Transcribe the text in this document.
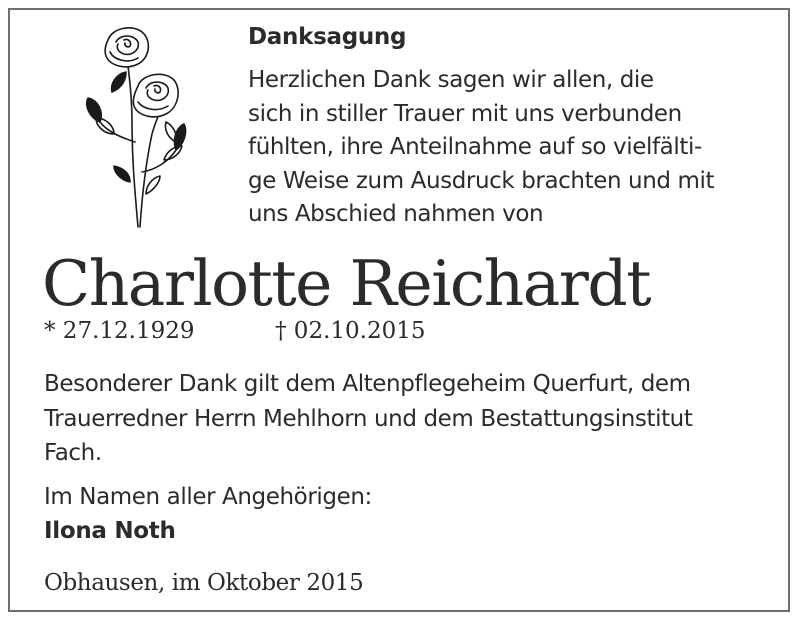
Danksagung
Herzlichen Dank sagen wir allen, die
sich in stiller Trauer mit uns verbunden
fühlten, ihre Anteilnahme auf so vielfälti-
ge Weise zum Ausdruck brachten und mit
uns Abschied nahmen von
Charlotte Reichardt
* 27.12.1929	† 02.10.2015
Besonderer Dank gilt dem Altenpflegeheim Querfurt, dem
Trauerredner Herrn Mehlhorn und dem Bestattungsinstitut
Fach.
Im Namen aller Angehörigen:
Ilona Noth
Obhausen, im Oktober 2015
